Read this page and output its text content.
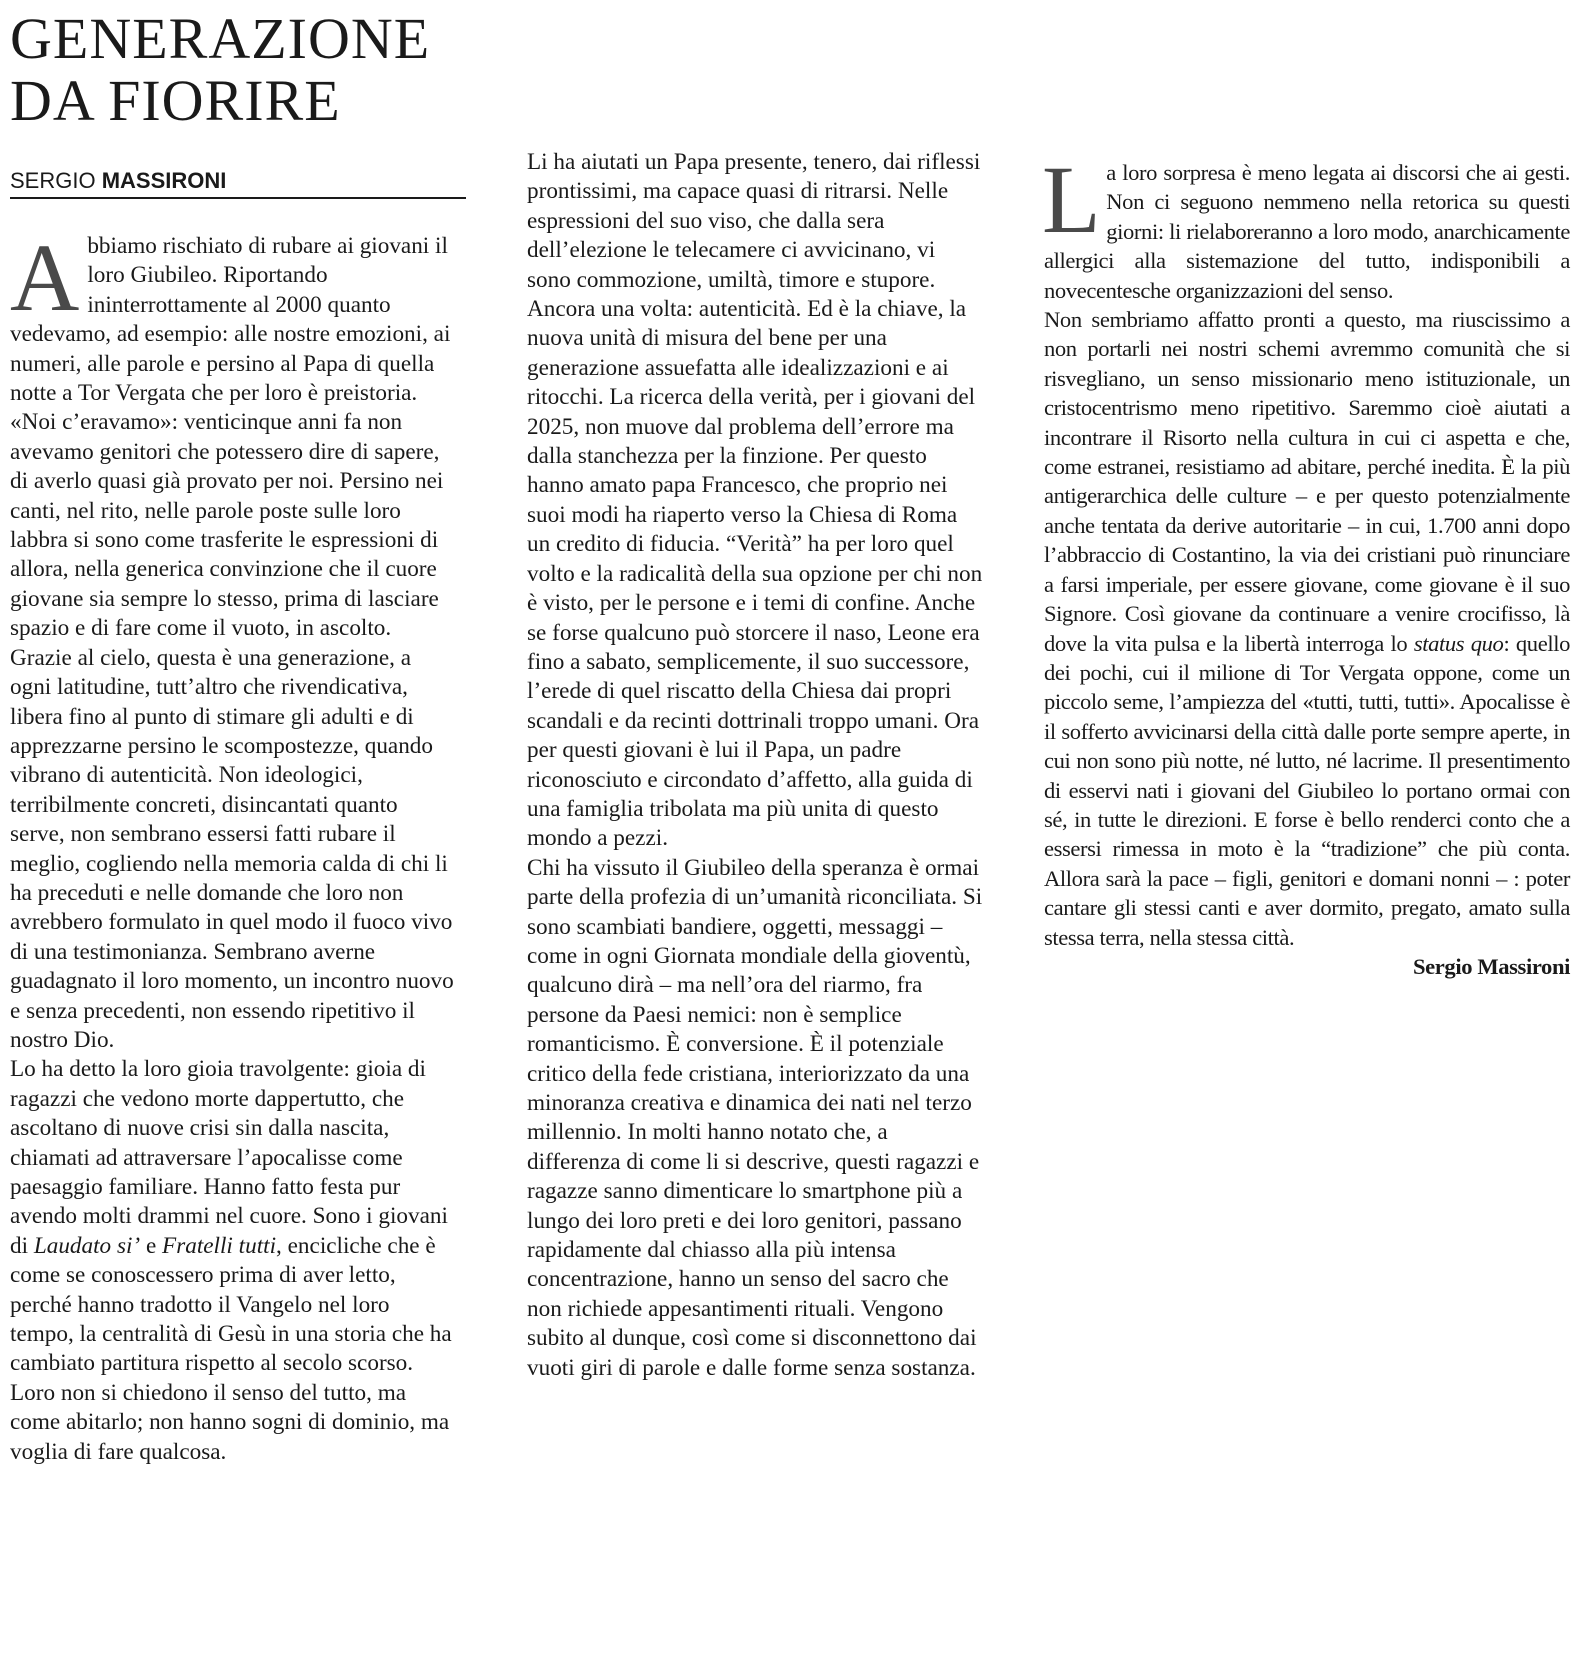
GENERAZIONE
DA FIORIRE
SERGIO MASSIRONI

Abbiamo rischiato di rubare ai giovani il loro Giubileo. Riportando ininterrottamente al 2000 quanto vedevamo, ad esempio: alle nostre emozioni, ai numeri, alle parole e persino al Papa di quella notte a Tor Vergata che per loro è preistoria. «Noi c’eravamo»: venticinque anni fa non avevamo genitori che potessero dire di sapere, di averlo quasi già provato per noi. Persino nei canti, nel rito, nelle parole poste sulle loro labbra si sono come trasferite le espressioni di allora, nella generica convinzione che il cuore giovane sia sempre lo stesso, prima di lasciare spazio e di fare come il vuoto, in ascolto. Grazie al cielo, questa è una generazione, a ogni latitudine, tutt’altro che rivendicativa, libera fino al punto di stimare gli adulti e di apprezzarne persino le scompostezze, quando vibrano di autenticità. Non ideologici, terribilmente concreti, disincantati quanto serve, non sembrano essersi fatti rubare il meglio, cogliendo nella memoria calda di chi li ha preceduti e nelle domande che loro non avrebbero formulato in quel modo il fuoco vivo di una testimonianza. Sembrano averne guadagnato il loro momento, un incontro nuovo e senza precedenti, non essendo ripetitivo il nostro Dio.

Lo ha detto la loro gioia travolgente: gioia di ragazzi che vedono morte dappertutto, che ascoltano di nuove crisi sin dalla nascita, chiamati ad attraversare l’apocalisse come paesaggio familiare. Hanno fatto festa pur avendo molti drammi nel cuore. Sono i giovani di Laudato si’ e Fratelli tutti, encicliche che è come se conoscessero prima di aver letto, perché hanno tradotto il Vangelo nel loro tempo, la centralità di Gesù in una storia che ha cambiato partitura rispetto al secolo scorso. Loro non si chiedono il senso del tutto, ma come abitarlo; non hanno sogni di dominio, ma voglia di fare qualcosa.

Li ha aiutati un Papa presente, tenero, dai riflessi prontissimi, ma capace quasi di ritrarsi. Nelle espressioni del suo viso, che dalla sera dell’elezione le telecamere ci avvicinano, vi sono commozione, umiltà, timore e stupore. Ancora una volta: autenticità. Ed è la chiave, la nuova unità di misura del bene per una generazione assuefatta alle idealizzazioni e ai ritocchi. La ricerca della verità, per i giovani del 2025, non muove dal problema dell’errore ma dalla stanchezza per la finzione. Per questo hanno amato papa Francesco, che proprio nei suoi modi ha riaperto verso la Chiesa di Roma un credito di fiducia. “Verità” ha per loro quel volto e la radicalità della sua opzione per chi non è visto, per le persone e i temi di confine. Anche se forse qualcuno può storcere il naso, Leone era fino a sabato, semplicemente, il suo successore, l’erede di quel riscatto della Chiesa dai propri scandali e da recinti dottrinali troppo umani. Ora per questi giovani è lui il Papa, un padre riconosciuto e circondato d’affetto, alla guida di una famiglia tribolata ma più unita di questo mondo a pezzi.

Chi ha vissuto il Giubileo della speranza è ormai parte della profezia di un’umanità riconciliata. Si sono scambiati bandiere, oggetti, messaggi – come in ogni Giornata mondiale della gioventù, qualcuno dirà – ma nell’ora del riarmo, fra persone da Paesi nemici: non è semplice romanticismo. È conversione. È il potenziale critico della fede cristiana, interiorizzato da una minoranza creativa e dinamica dei nati nel terzo millennio. In molti hanno notato che, a differenza di come li si descrive, questi ragazzi e ragazze sanno dimenticare lo smartphone più a lungo dei loro preti e dei loro genitori, passano rapidamente dal chiasso alla più intensa concentrazione, hanno un senso del sacro che non richiede appesantimenti rituali. Vengono subito al dunque, così come si disconnettono dai vuoti giri di parole e dalle forme senza sostanza.

La loro sorpresa è meno legata ai discorsi che ai gesti. Non ci seguono nemmeno nella retorica su questi giorni: li rielaboreranno a loro modo, anarchicamente allergici alla sistemazione del tutto, indisponibili a novecentesche organizzazioni del senso.

Non sembriamo affatto pronti a questo, ma riuscissimo a non portarli nei nostri schemi avremmo comunità che si risvegliano, un senso missionario meno istituzionale, un cristocentrismo meno ripetitivo. Saremmo cioè aiutati a incontrare il Risorto nella cultura in cui ci aspetta e che, come estranei, resistiamo ad abitare, perché inedita. È la più antigerarchica delle culture – e per questo potenzialmente anche tentata da derive autoritarie – in cui, 1.700 anni dopo l’abbraccio di Costantino, la via dei cristiani può rinunciare a farsi imperiale, per essere giovane, come giovane è il suo Signore. Così giovane da continuare a venire crocifisso, là dove la vita pulsa e la libertà interroga lo status quo: quello dei pochi, cui il milione di Tor Vergata oppone, come un piccolo seme, l’ampiezza del «tutti, tutti, tutti». Apocalisse è il sofferto avvicinarsi della città dalle porte sempre aperte, in cui non sono più notte, né lutto, né lacrime. Il presentimento di esservi nati i giovani del Giubileo lo portano ormai con sé, in tutte le direzioni. E forse è bello renderci conto che a essersi rimessa in moto è la “tradizione” che più conta. Allora sarà la pace – figli, genitori e domani nonni – : poter cantare gli stessi canti e aver dormito, pregato, amato sulla stessa terra, nella stessa città.

Sergio Massironi
